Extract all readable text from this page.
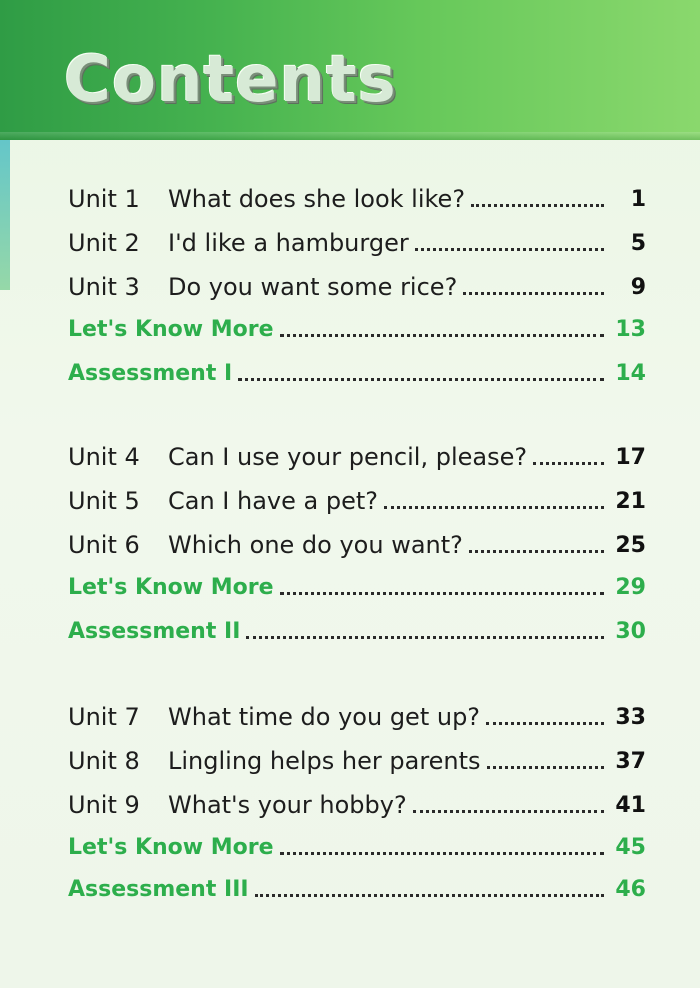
Contents
Unit 1	What does she look like?	1
Unit 2	I'd like a hamburger	5
Unit 3	Do you want some rice?	9
Let's Know More	13
Assessment I	14
Unit 4	Can I use your pencil, please?	17
Unit 5	Can I have a pet?	21
Unit 6	Which one do you want?	25
Let's Know More	29
Assessment II	30
Unit 7	What time do you get up?	33
Unit 8	Lingling helps her parents	37
Unit 9	What's your hobby?	41
Let's Know More	45
Assessment III	46
